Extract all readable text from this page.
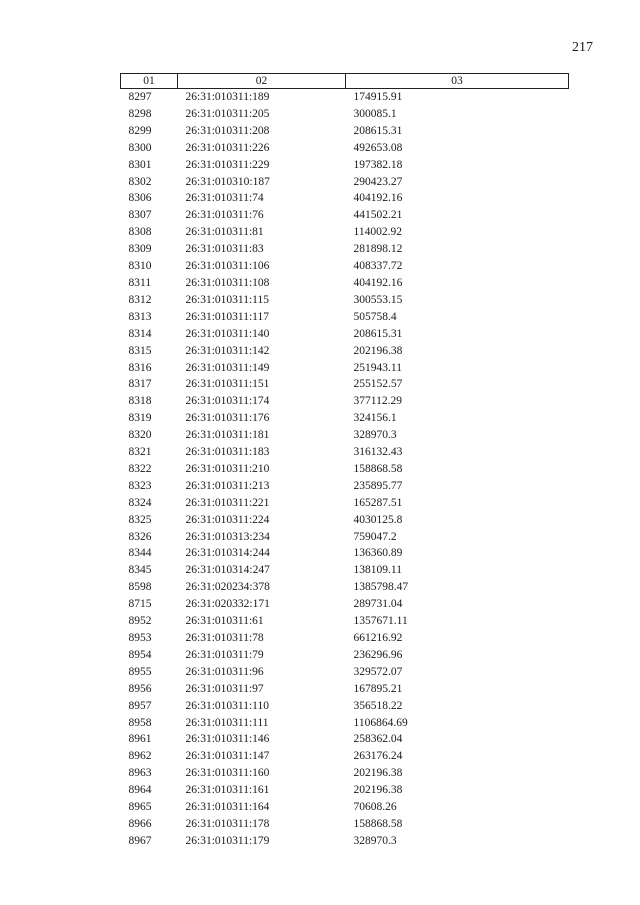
217
01	02	03
8297	26:31:010311:189	174915.91
8298	26:31:010311:205	300085.1
8299	26:31:010311:208	208615.31
8300	26:31:010311:226	492653.08
8301	26:31:010311:229	197382.18
8302	26:31:010310:187	290423.27
8306	26:31:010311:74	404192.16
8307	26:31:010311:76	441502.21
8308	26:31:010311:81	114002.92
8309	26:31:010311:83	281898.12
8310	26:31:010311:106	408337.72
8311	26:31:010311:108	404192.16
8312	26:31:010311:115	300553.15
8313	26:31:010311:117	505758.4
8314	26:31:010311:140	208615.31
8315	26:31:010311:142	202196.38
8316	26:31:010311:149	251943.11
8317	26:31:010311:151	255152.57
8318	26:31:010311:174	377112.29
8319	26:31:010311:176	324156.1
8320	26:31:010311:181	328970.3
8321	26:31:010311:183	316132.43
8322	26:31:010311:210	158868.58
8323	26:31:010311:213	235895.77
8324	26:31:010311:221	165287.51
8325	26:31:010311:224	4030125.8
8326	26:31:010313:234	759047.2
8344	26:31:010314:244	136360.89
8345	26:31:010314:247	138109.11
8598	26:31:020234:378	1385798.47
8715	26:31:020332:171	289731.04
8952	26:31:010311:61	1357671.11
8953	26:31:010311:78	661216.92
8954	26:31:010311:79	236296.96
8955	26:31:010311:96	329572.07
8956	26:31:010311:97	167895.21
8957	26:31:010311:110	356518.22
8958	26:31:010311:111	1106864.69
8961	26:31:010311:146	258362.04
8962	26:31:010311:147	263176.24
8963	26:31:010311:160	202196.38
8964	26:31:010311:161	202196.38
8965	26:31:010311:164	70608.26
8966	26:31:010311:178	158868.58
8967	26:31:010311:179	328970.3
